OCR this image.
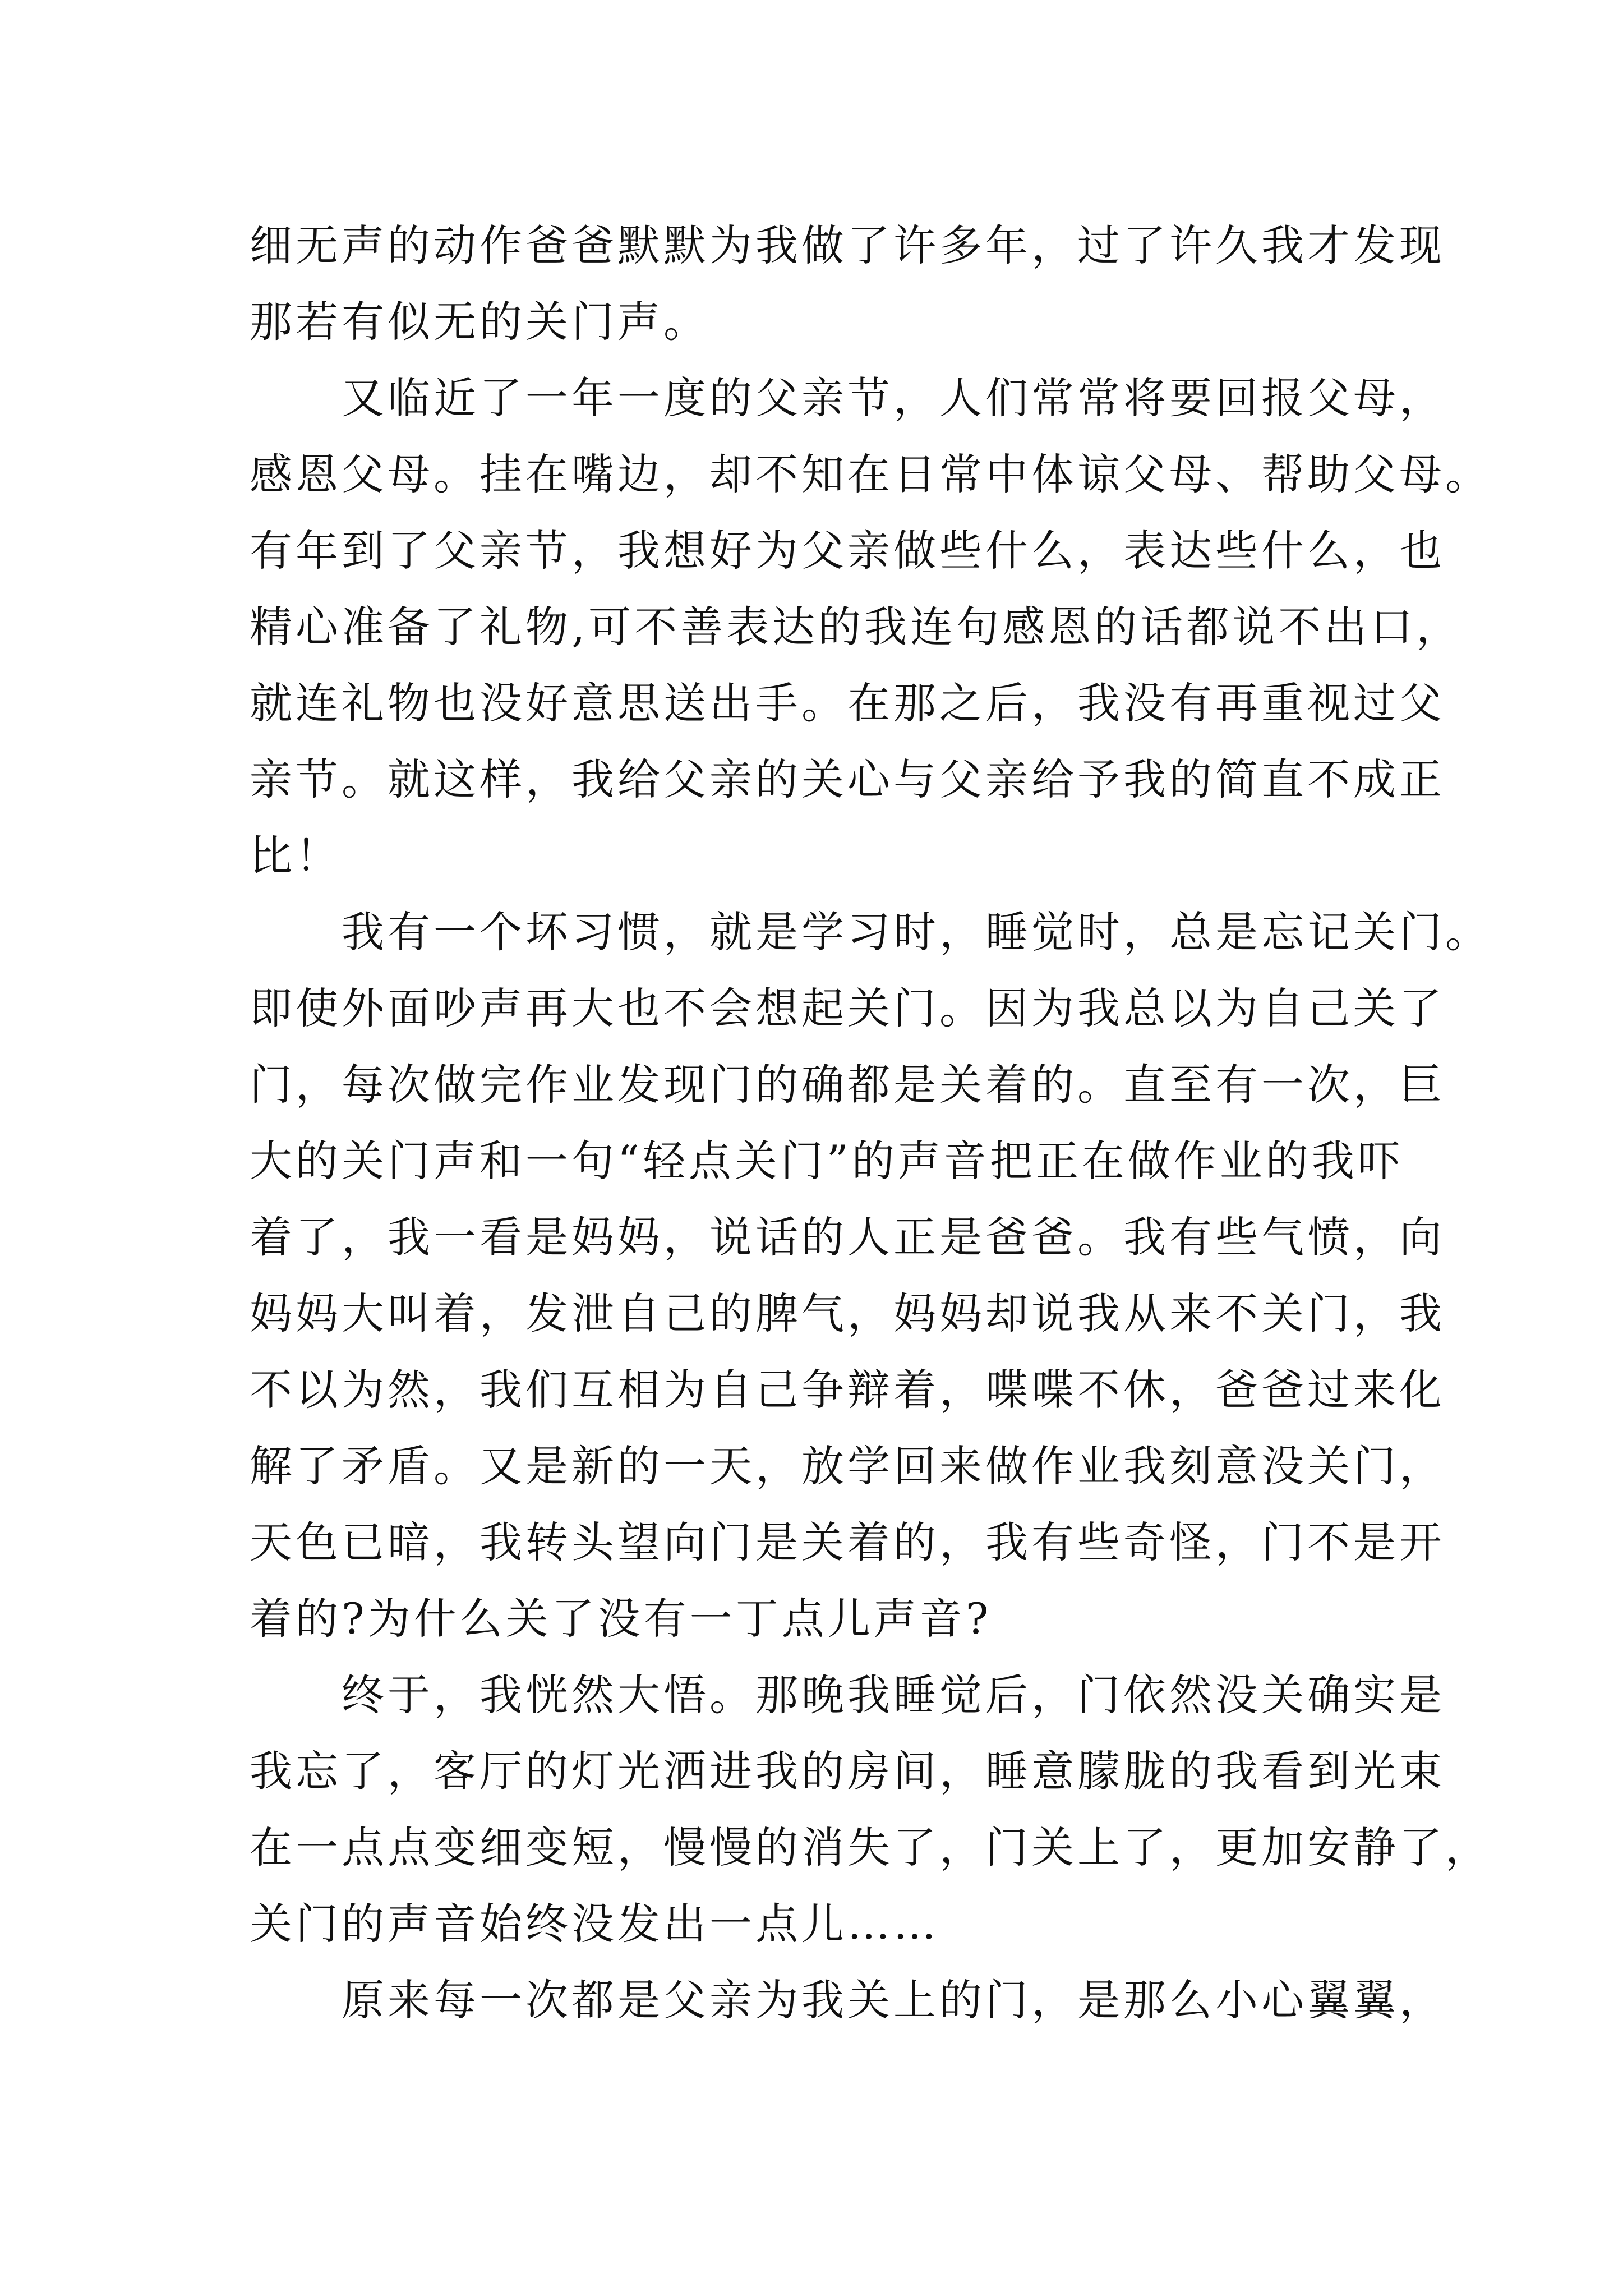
细无声的动作爸爸默默为我做了许多年，过了许久我才发现
那若有似无的关门声。
又临近了一年一度的父亲节，人们常常将要回报父母，
感恩父母。挂在嘴边，却不知在日常中体谅父母、帮助父母。
有年到了父亲节，我想好为父亲做些什么，表达些什么，也
精心准备了礼物,可不善表达的我连句感恩的话都说不出口，
就连礼物也没好意思送出手。在那之后，我没有再重视过父
亲节。就这样，我给父亲的关心与父亲给予我的简直不成正
比！
我有一个坏习惯，就是学习时，睡觉时，总是忘记关门。
即使外面吵声再大也不会想起关门。因为我总以为自己关了
门，每次做完作业发现门的确都是关着的。直至有一次，巨
大的关门声和一句“轻点关门”的声音把正在做作业的我吓
着了，我一看是妈妈，说话的人正是爸爸。我有些气愤，向
妈妈大叫着，发泄自己的脾气，妈妈却说我从来不关门，我
不以为然，我们互相为自己争辩着，喋喋不休，爸爸过来化
解了矛盾。又是新的一天，放学回来做作业我刻意没关门，
天色已暗，我转头望向门是关着的，我有些奇怪，门不是开
着的?为什么关了没有一丁点儿声音?
终于，我恍然大悟。那晚我睡觉后，门依然没关确实是
我忘了，客厅的灯光洒进我的房间，睡意朦胧的我看到光束
在一点点变细变短，慢慢的消失了，门关上了，更加安静了，
关门的声音始终没发出一点儿……
原来每一次都是父亲为我关上的门，是那么小心翼翼，
